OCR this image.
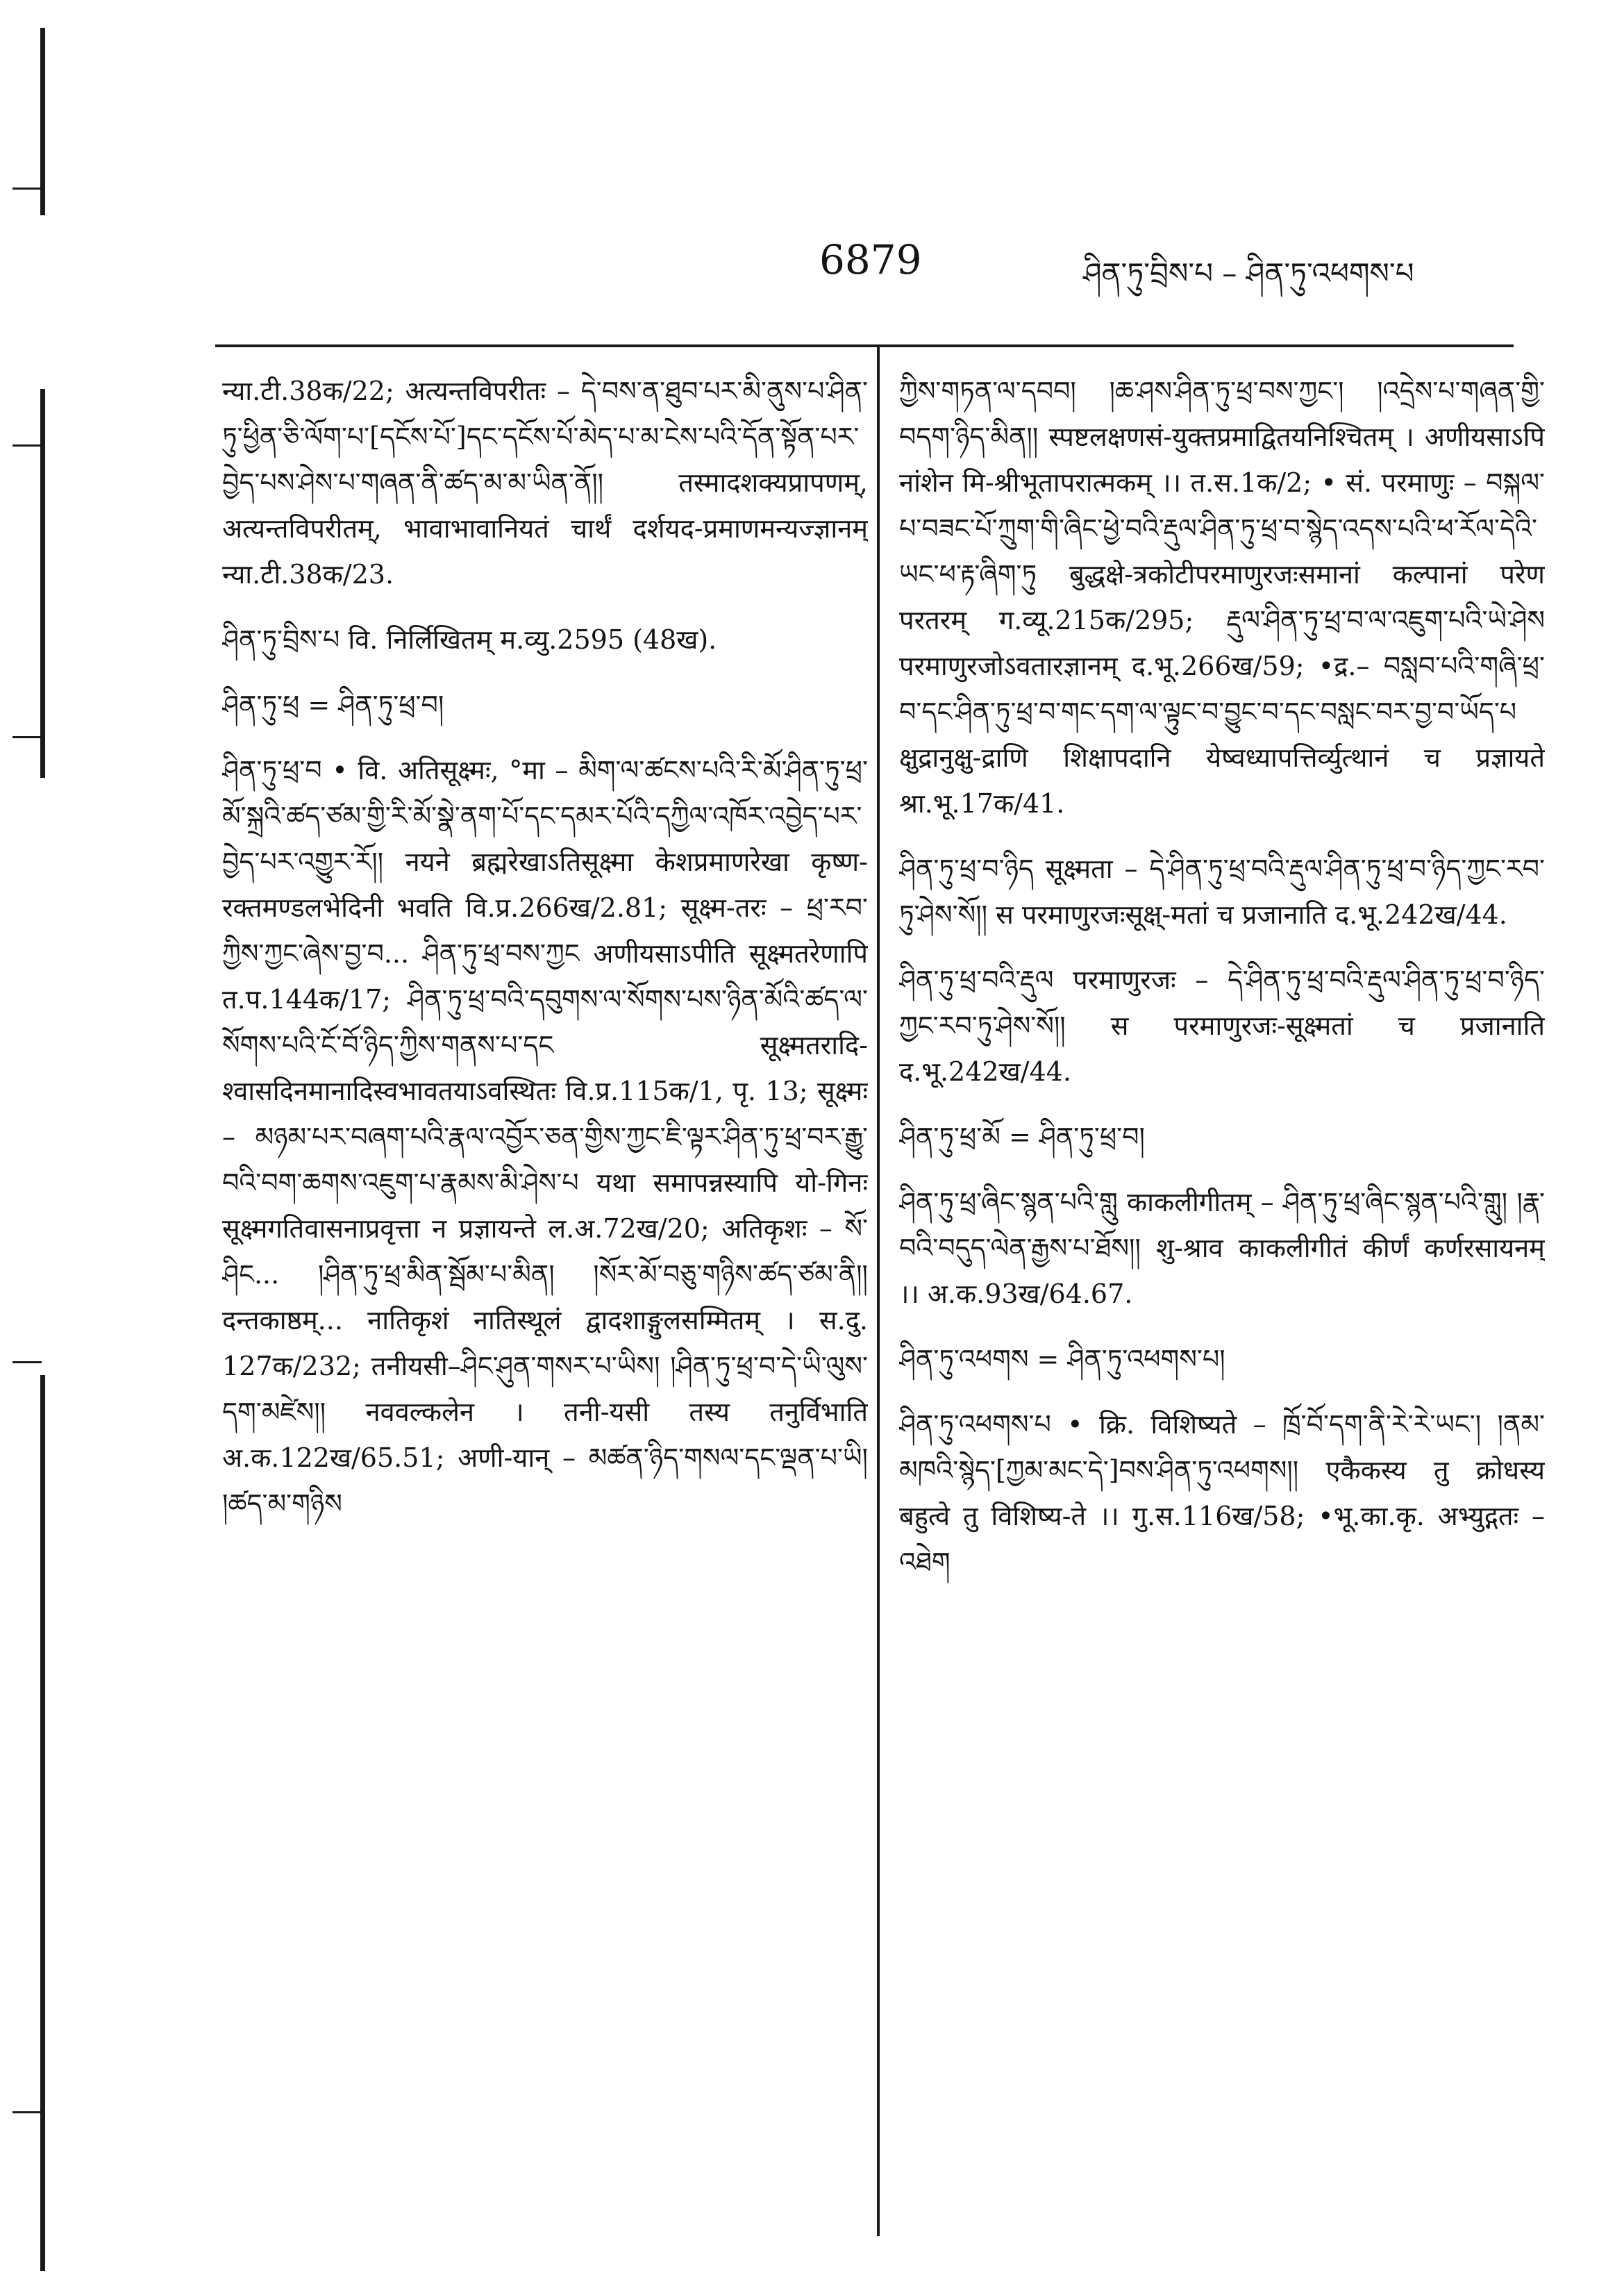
6879	ཤིན་ཏུ་བྲིས་པ – ཤིན་ཏུ་འཕགས་པ

न्या.टी.38क/22; अत्यन्तविपरीतः – དེ་བས་ན་ཐུབ་པར་མི་ནུས་པ་ཤིན་ཏུ་ཕྱིན་ཅི་ལོག་པ་[དངོས་པོ་]དང་དངོས་པོ་མེད་པ་མ་ངེས་པའི་དོན་སྟོན་པར་བྱེད་པས་ཤེས་པ་གཞན་ནི་ཚད་མ་མ་ཡིན་ནོ།། तस्मादशक्यप्रापणम्, अत्यन्तविपरीतम्, भावाभावानियतं चार्थं दर्शयद-प्रमाणमन्यज्ज्ञानम् न्या.टी.38क/23.

ཤིན་ཏུ་བྲིས་པ वि. निर्लिखितम् म.व्यु.2595 (48ख).

ཤིན་ཏུ་ཕྲ = ཤིན་ཏུ་ཕྲ་བ།

ཤིན་ཏུ་ཕྲ་བ • वि. अतिसूक्ष्मः, °मा – མིག་ལ་ཚངས་པའི་རི་མོ་ཤིན་ཏུ་ཕྲ་མོ་སྐྲའི་ཚད་ཙམ་གྱི་རི་མོ་སྣེ་ནག་པོ་དང་དམར་པོའི་དཀྱིལ་འཁོར་འབྱེད་པར་བྱེད་པར་འགྱུར་རོ།། नयने ब्रह्मरेखाऽतिसूक्ष्मा केशप्रमाणरेखा कृष्ण-रक्तमण्डलभेदिनी भवति वि.प्र.266ख/2.81; सूक्ष्म-तरः – ཕྲ་རབ་ཀྱིས་ཀྱང་ཞེས་བྱ་བ... ཤིན་ཏུ་ཕྲ་བས་ཀྱང अणीयसाऽपीति सूक्ष्मतरेणापि त.प.144क/17; ཤིན་ཏུ་ཕྲ་བའི་དབུགས་ལ་སོགས་པས་ཉིན་མོའི་ཚད་ལ་སོགས་པའི་ངོ་བོ་ཉིད་ཀྱིས་གནས་པ་དང सूक्ष्मतरादि-श्वासदिनमानादिस्वभावतयाऽवस्थितः वि.प्र.115क/1, पृ. 13; सूक्ष्मः – མཉམ་པར་བཞག་པའི་རྣལ་འབྱོར་ཅན་གྱིས་ཀྱང་ཇི་ལྟར་ཤིན་ཏུ་ཕྲ་བར་རྒྱུ་བའི་བག་ཆགས་འཇུག་པ་རྣམས་མི་ཤེས་པ यथा समापन्नस्यापि यो-गिनः सूक्ष्मगतिवासनाप्रवृत्ता न प्रज्ञायन्ते ल.अ.72ख/20; अतिकृशः – སོ་ཤིང... །ཤིན་ཏུ་ཕྲ་མིན་སྦོམ་པ་མིན། །སོར་མོ་བཅུ་གཉིས་ཚད་ཙམ་ནི།། दन्तकाष्ठम्... नातिकृशं नातिस्थूलं द्वादशाङ्गुलसम्मितम् । स.दु. 127क/232; तनीयसी–ཤིང་ཤུན་གསར་པ་ཡིས། །ཤིན་ཏུ་ཕྲ་བ་དེ་ཡི་ལུས་དག་མཛེས།། नववल्कलेन । तनी-यसी तस्य तनुर्विभाति अ.क.122ख/65.51; अणी-यान् – མཚན་ཉིད་གསལ་དང་ལྡན་པ་ཡི། །ཚད་མ་གཉིས

ཀྱིས་གཏན་ལ་དབབ། །ཆ་ཤས་ཤིན་ཏུ་ཕྲ་བས་ཀྱང་། །འདྲེས་པ་གཞན་གྱི་བདག་ཉིད་མིན།། स्पष्टलक्षणसं-युक्तप्रमाद्वितयनिश्चितम् । अणीयसाऽपि नांशेन मि-श्रीभूतापरात्मकम् ।। त.स.1क/2; • सं. परमाणुः – བསྐལ་པ་བཟང་པོ་ཀྲུག་གི་ཞིང་ཕྱེ་བའི་རྡུལ་ཤིན་ཏུ་ཕྲ་བ་སྙེད་འདས་པའི་ཕ་རོལ་དེའི་ཡང་ཕ་རྟ་ཞིག་ཏུ बुद्धक्षे-त्रकोटीपरमाणुरजःसमानां कल्पानां परेण परतरम् ग.व्यू.215क/295; རྡུལ་ཤིན་ཏུ་ཕྲ་བ་ལ་འཇུག་པའི་ཡེ་ཤེས परमाणुरजोऽवतारज्ञानम् द.भू.266ख/59; •द्र.– བསླབ་པའི་གཞི་ཕྲ་བ་དང་ཤིན་ཏུ་ཕྲ་བ་གང་དག་ལ་ལྟུང་བ་བྱུང་བ་དང་བསླང་བར་བྱ་བ་ཡོད་པ क्षुद्रानुक्षु-द्राणि शिक्षापदानि येष्वध्यापत्तिर्व्युत्थानं च प्रज्ञायते श्रा.भू.17क/41.

ཤིན་ཏུ་ཕྲ་བ་ཉིད सूक्ष्मता – དེ་ཤིན་ཏུ་ཕྲ་བའི་རྡུལ་ཤིན་ཏུ་ཕྲ་བ་ཉིད་ཀྱང་རབ་ཏུ་ཤེས་སོ།། स परमाणुरजःसूक्ष्-मतां च प्रजानाति द.भू.242ख/44.

ཤིན་ཏུ་ཕྲ་བའི་རྡུལ परमाणुरजः – དེ་ཤིན་ཏུ་ཕྲ་བའི་རྡུལ་ཤིན་ཏུ་ཕྲ་བ་ཉིད་ཀྱང་རབ་ཏུ་ཤེས་སོ།། स परमाणुरजः-सूक्ष्मतां च प्रजानाति द.भू.242ख/44.

ཤིན་ཏུ་ཕྲ་མོ = ཤིན་ཏུ་ཕྲ་བ།

ཤིན་ཏུ་ཕྲ་ཞིང་སྙན་པའི་གླུ काकलीगीतम् – ཤིན་ཏུ་ཕྲ་ཞིང་སྙན་པའི་གླུ། །རྣ་བའི་བདུད་ལེན་རྒྱས་པ་ཐོས།། शु-श्राव काकलीगीतं कीर्णं कर्णरसायनम् ।। अ.क.93ख/64.67.

ཤིན་ཏུ་འཕགས = ཤིན་ཏུ་འཕགས་པ།

ཤིན་ཏུ་འཕགས་པ • क्रि. विशिष्यते – ཁྲོ་བོ་དག་ནི་རེ་རེ་ཡང་། །ནམ་མཁའི་སྙེད་[ཀྱམ་མང་དེ་]བས་ཤིན་ཏུ་འཕགས།། एकैकस्य तु क्रोधस्य बहुत्वे तु विशिष्य-ते ।। गु.स.116ख/58; •भू.का.कृ. अभ्युद्गतः – འཐེག
